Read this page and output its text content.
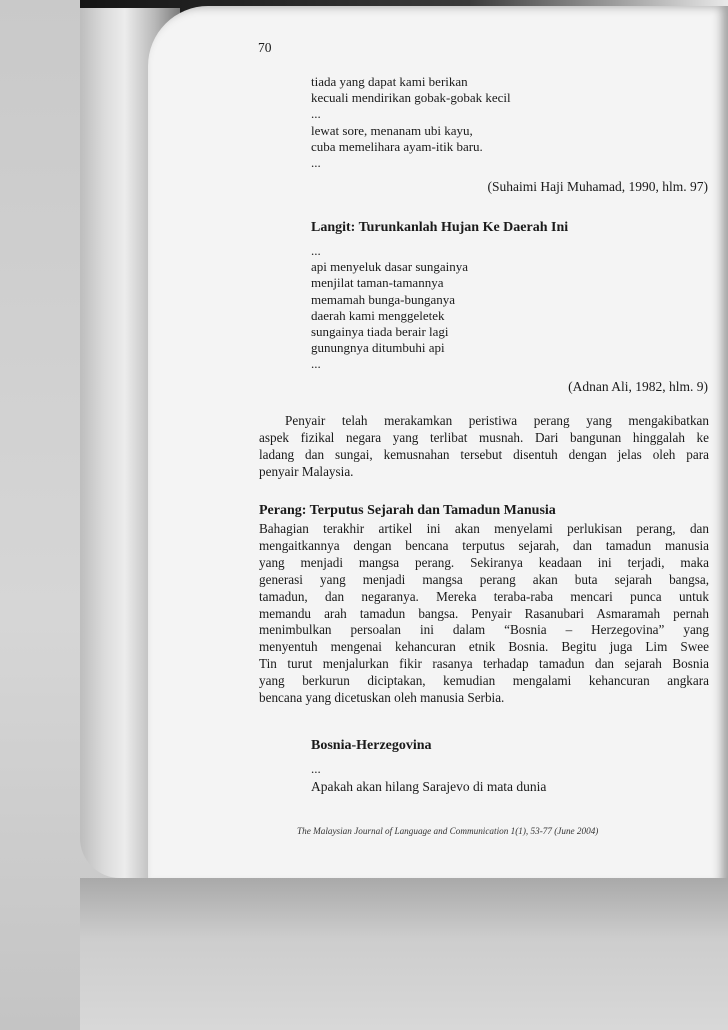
70
tiada yang dapat kami berikan
kecuali mendirikan gobak-gobak kecil
...
lewat sore, menanam ubi kayu,
cuba memelihara ayam-itik baru.
...
(Suhaimi Haji Muhamad, 1990, hlm. 97)
Langit: Turunkanlah Hujan Ke Daerah Ini
...
api menyeluk dasar sungainya
menjilat taman-tamannya
memamah bunga-bunganya
daerah kami menggeletek
sungainya tiada berair lagi
gunungnya ditumbuhi api
...
(Adnan Ali, 1982, hlm. 9)
Penyair telah merakamkan peristiwa perang yang mengakibatkan
aspek fizikal negara yang terlibat musnah. Dari bangunan hinggalah ke
ladang dan sungai, kemusnahan tersebut disentuh dengan jelas oleh para
penyair Malaysia.
Perang: Terputus Sejarah dan Tamadun Manusia
Bahagian terakhir artikel ini akan menyelami perlukisan perang, dan
mengaitkannya dengan bencana terputus sejarah, dan tamadun manusia
yang menjadi mangsa perang. Sekiranya keadaan ini terjadi, maka
generasi yang menjadi mangsa perang akan buta sejarah bangsa,
tamadun, dan negaranya. Mereka teraba-raba mencari punca untuk
memandu arah tamadun bangsa. Penyair Rasanubari Asmaramah pernah
menimbulkan persoalan ini dalam “Bosnia – Herzegovina” yang
menyentuh mengenai kehancuran etnik Bosnia. Begitu juga Lim Swee
Tin turut menjalurkan fikir rasanya terhadap tamadun dan sejarah Bosnia
yang berkurun diciptakan, kemudian mengalami kehancuran angkara
bencana yang dicetuskan oleh manusia Serbia.
Bosnia-Herzegovina
...
Apakah akan hilang Sarajevo di mata dunia
The Malaysian Journal of Language and Communication 1(1), 53-77 (June 2004)
